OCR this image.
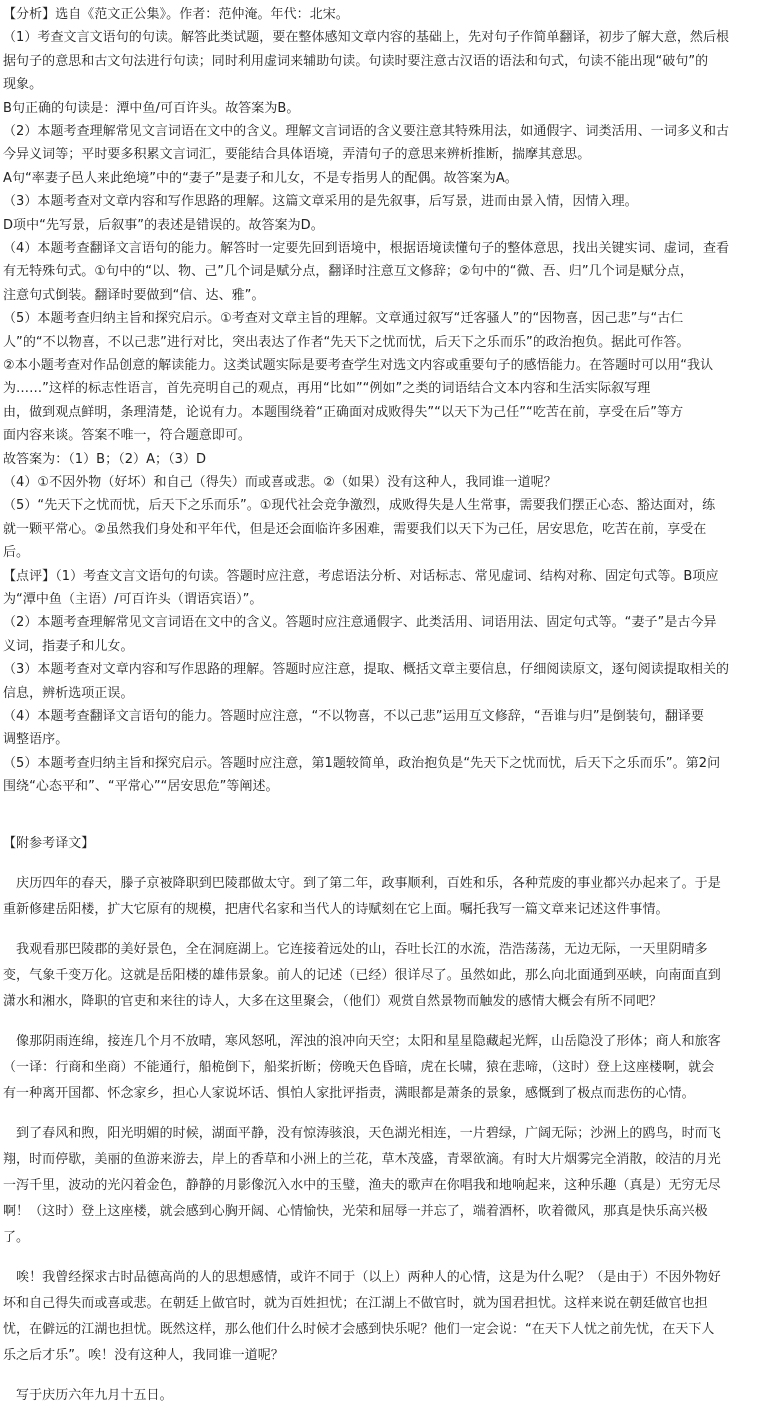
【分析】选自《范文正公集》。作者：范仲淹。年代：北宋。
（1）考查文言文语句的句读。解答此类试题，要在整体感知文章内容的基础上，先对句子作简单翻译，初步了解大意，然后根
据句子的意思和古文句法进行句读；同时利用虚词来辅助句读。句读时要注意古汉语的语法和句式，句读不能出现“破句”的
现象。
B句正确的句读是：潭中鱼/可百许头。故答案为B。
（2）本题考查理解常见文言词语在文中的含义。理解文言词语的含义要注意其特殊用法，如通假字、词类活用、一词多义和古
今异义词等；平时要多积累文言词汇，要能结合具体语境，弄清句子的意思来辨析推断，揣摩其意思。
A句“率妻子邑人来此绝境”中的“妻子”是妻子和儿女，不是专指男人的配偶。故答案为A。
（3）本题考查对文章内容和写作思路的理解。这篇文章采用的是先叙事，后写景，进而由景入情，因情入理。
D项中“先写景，后叙事”的表述是错误的。故答案为D。
（4）本题考查翻译文言语句的能力。解答时一定要先回到语境中，根据语境读懂句子的整体意思，找出关键实词、虚词，查看
有无特殊句式。①句中的“以、物、己”几个词是赋分点，翻译时注意互文修辞；②句中的“微、吾、归”几个词是赋分点，
注意句式倒装。翻译时要做到“信、达、雅”。
（5）本题考查归纳主旨和探究启示。①考查对文章主旨的理解。文章通过叙写“迁客骚人”的“因物喜，因己悲”与“古仁
人”的“不以物喜，不以己悲”进行对比，突出表达了作者“先天下之忧而忧，后天下之乐而乐”的政治抱负。据此可作答。
②本小题考查对作品创意的解读能力。这类试题实际是要考查学生对选文内容或重要句子的感悟能力。在答题时可以用“我认
为……”这样的标志性语言，首先亮明自己的观点，再用“比如”“例如”之类的词语结合文本内容和生活实际叙写理
由，做到观点鲜明，条理清楚，论说有力。本题围绕着“正确面对成败得失”“以天下为己任”“吃苦在前，享受在后”等方
面内容来谈。答案不唯一，符合题意即可。
故答案为：（1）B；（2）A；（3）D
（4）①不因外物（好坏）和自己（得失）而或喜或悲。②（如果）没有这种人，我同谁一道呢？
（5）“先天下之忧而忧，后天下之乐而乐”。①现代社会竞争激烈，成败得失是人生常事，需要我们摆正心态、豁达面对，练
就一颗平常心。②虽然我们身处和平年代，但是还会面临许多困难，需要我们以天下为己任，居安思危，吃苦在前，享受在
后。
【点评】（1）考查文言文语句的句读。答题时应注意，考虑语法分析、对话标志、常见虚词、结构对称、固定句式等。B项应
为“潭中鱼（主语）/可百许头（谓语宾语）”。
（2）本题考查理解常见文言词语在文中的含义。答题时应注意通假字、此类活用、词语用法、固定句式等。“妻子”是古今异
义词，指妻子和儿女。
（3）本题考查对文章内容和写作思路的理解。答题时应注意，提取、概括文章主要信息，仔细阅读原文，逐句阅读提取相关的
信息，辨析选项正误。
（4）本题考查翻译文言语句的能力。答题时应注意，“不以物喜，不以己悲”运用互文修辞，“吾谁与归”是倒装句，翻译要
调整语序。
（5）本题考查归纳主旨和探究启示。答题时应注意，第1题较简单，政治抱负是“先天下之忧而忧，后天下之乐而乐”。第2问
围绕“心态平和”、“平常心”“居安思危”等阐述。
【附参考译文】
　庆历四年的春天，滕子京被降职到巴陵郡做太守。到了第二年，政事顺利，百姓和乐，各种荒废的事业都兴办起来了。于是
重新修建岳阳楼，扩大它原有的规模，把唐代名家和当代人的诗赋刻在它上面。嘱托我写一篇文章来记述这件事情。
　我观看那巴陵郡的美好景色，全在洞庭湖上。它连接着远处的山，吞吐长江的水流，浩浩荡荡，无边无际，一天里阴晴多
变，气象千变万化。这就是岳阳楼的雄伟景象。前人的记述（已经）很详尽了。虽然如此，那么向北面通到巫峡，向南面直到
潇水和湘水，降职的官吏和来往的诗人，大多在这里聚会，（他们）观赏自然景物而触发的感情大概会有所不同吧？
　像那阴雨连绵，接连几个月不放晴，寒风怒吼，浑浊的浪冲向天空；太阳和星星隐藏起光辉，山岳隐没了形体；商人和旅客
（一译：行商和坐商）不能通行，船桅倒下，船桨折断；傍晚天色昏暗，虎在长啸，猿在悲啼，（这时）登上这座楼啊，就会
有一种离开国都、怀念家乡，担心人家说坏话、惧怕人家批评指责，满眼都是萧条的景象，感慨到了极点而悲伤的心情。
　到了春风和煦，阳光明媚的时候，湖面平静，没有惊涛骇浪，天色湖光相连，一片碧绿，广阔无际；沙洲上的鸥鸟，时而飞
翔，时而停歇，美丽的鱼游来游去，岸上的香草和小洲上的兰花，草木茂盛，青翠欲滴。有时大片烟雾完全消散，皎洁的月光
一泻千里，波动的光闪着金色，静静的月影像沉入水中的玉璧，渔夫的歌声在你唱我和地响起来，这种乐趣（真是）无穷无尽
啊！（这时）登上这座楼，就会感到心胸开阔、心情愉快，光荣和屈辱一并忘了，端着酒杯，吹着微风，那真是快乐高兴极
了。
　唉！我曾经探求古时品德高尚的人的思想感情，或许不同于（以上）两种人的心情，这是为什么呢？（是由于）不因外物好
坏和自己得失而或喜或悲。在朝廷上做官时，就为百姓担忧；在江湖上不做官时，就为国君担忧。这样来说在朝廷做官也担
忧，在僻远的江湖也担忧。既然这样，那么他们什么时候才会感到快乐呢？他们一定会说：“在天下人忧之前先忧，在天下人
乐之后才乐”。唉！没有这种人，我同谁一道呢？
　写于庆历六年九月十五日。
